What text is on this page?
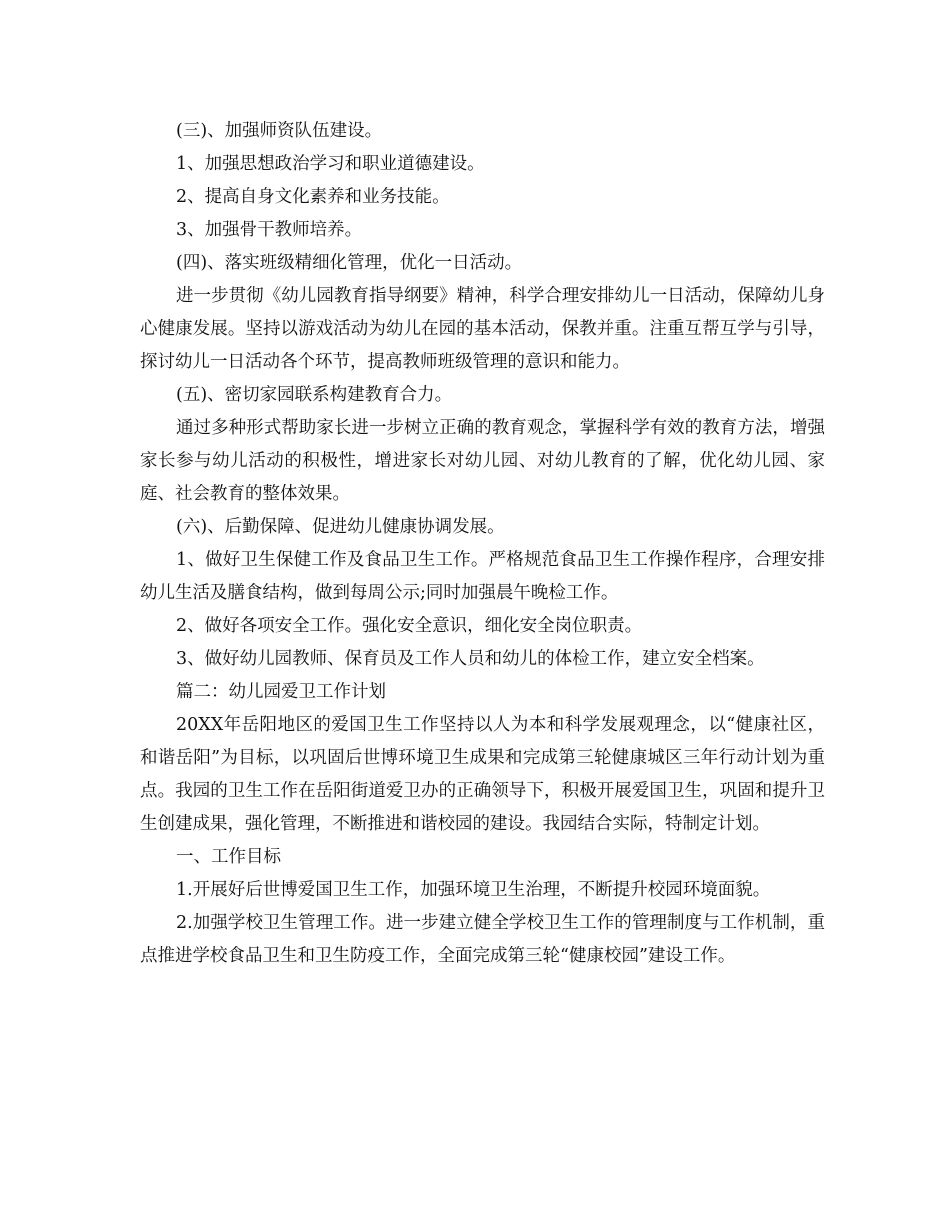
(三)、加强师资队伍建设。

1、加强思想政治学习和职业道德建设。

2、提高自身文化素养和业务技能。

3、加强骨干教师培养。

(四)、落实班级精细化管理，优化一日活动。

进一步贯彻《幼儿园教育指导纲要》精神，科学合理安排幼儿一日活动，保障幼儿身心健康发展。坚持以游戏活动为幼儿在园的基本活动，保教并重。注重互帮互学与引导，探讨幼儿一日活动各个环节，提高教师班级管理的意识和能力。

(五)、密切家园联系构建教育合力。

通过多种形式帮助家长进一步树立正确的教育观念，掌握科学有效的教育方法，增强家长参与幼儿活动的积极性，增进家长对幼儿园、对幼儿教育的了解，优化幼儿园、家庭、社会教育的整体效果。

(六)、后勤保障、促进幼儿健康协调发展。

1、做好卫生保健工作及食品卫生工作。严格规范食品卫生工作操作程序，合理安排幼儿生活及膳食结构，做到每周公示;同时加强晨午晚检工作。

2、做好各项安全工作。强化安全意识，细化安全岗位职责。

3、做好幼儿园教师、保育员及工作人员和幼儿的体检工作，建立安全档案。

篇二：幼儿园爱卫工作计划

20XX年岳阳地区的爱国卫生工作坚持以人为本和科学发展观理念，以“健康社区，和谐岳阳”为目标，以巩固后世博环境卫生成果和完成第三轮健康城区三年行动计划为重点。我园的卫生工作在岳阳街道爱卫办的正确领导下，积极开展爱国卫生，巩固和提升卫生创建成果，强化管理，不断推进和谐校园的建设。我园结合实际，特制定计划。

一、工作目标

1.开展好后世博爱国卫生工作，加强环境卫生治理，不断提升校园环境面貌。

2.加强学校卫生管理工作。进一步建立健全学校卫生工作的管理制度与工作机制，重点推进学校食品卫生和卫生防疫工作，全面完成第三轮“健康校园”建设工作。
